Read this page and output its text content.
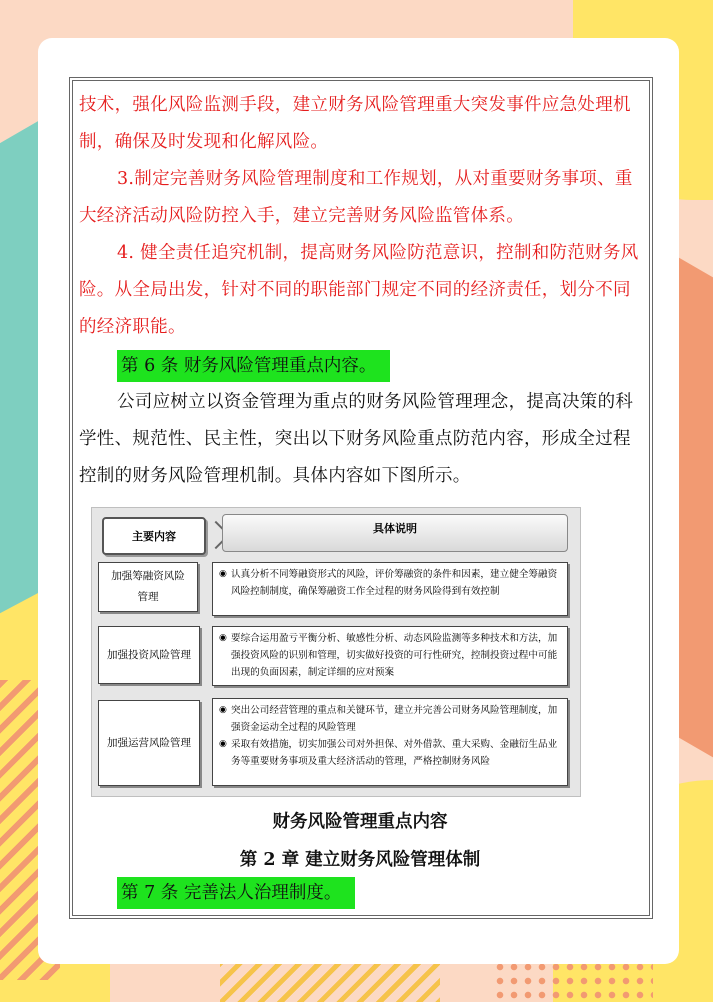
技术，强化风险监测手段，建立财务风险管理重大突发事件应急处理机制，确保及时发现和化解风险。

3.制定完善财务风险管理制度和工作规划，从对重要财务事项、重大经济活动风险防控入手，建立完善财务风险监管体系。

4. 健全责任追究机制，提高财务风险防范意识，控制和防范财务风险。从全局出发，针对不同的职能部门规定不同的经济责任，划分不同的经济职能。

第 6 条 财务风险管理重点内容。

公司应树立以资金管理为重点的财务风险管理理念，提高决策的科学性、规范性、民主性，突出以下财务风险重点防范内容，形成全过程控制的财务风险管理机制。具体内容如下图所示。

主要内容
具体说明
加强筹融资风险管理
◉ 认真分析不同筹融资形式的风险，评价筹融资的条件和因素，建立健全筹融资风险控制制度，确保筹融资工作全过程的财务风险得到有效控制
加强投资风险管理
◉ 要综合运用盈亏平衡分析、敏感性分析、动态风险监测等多种技术和方法，加强投资风险的识别和管理，切实做好投资的可行性研究，控制投资过程中可能出现的负面因素，制定详细的应对预案
加强运营风险管理
◉ 突出公司经营管理的重点和关键环节，建立并完善公司财务风险管理制度，加强资金运动全过程的风险管理
◉ 采取有效措施，切实加强公司对外担保、对外借款、重大采购、金融衍生品业务等重要财务事项及重大经济活动的管理，严格控制财务风险

财务风险管理重点内容

第 2 章 建立财务风险管理体制

第 7 条 完善法人治理制度。
